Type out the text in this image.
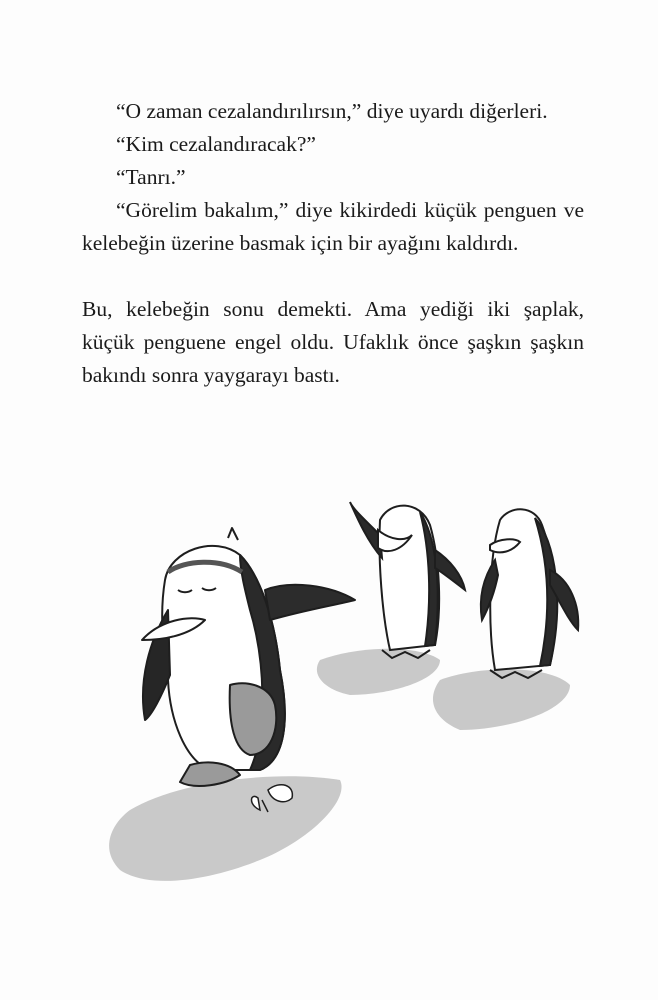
“O zaman cezalandırılırsın,” diye uyardı diğerleri.

“Kim cezalandıracak?”

“Tanrı.”

“Görelim bakalım,” diye kikirdedi küçük penguen ve kelebeğin üzerine basmak için bir ayağını kaldırdı.

Bu, kelebeğin sonu demekti. Ama yediği iki şaplak, küçük penguene engel oldu. Ufaklık önce şaşkın şaşkın bakındı sonra yaygarayı bastı.
